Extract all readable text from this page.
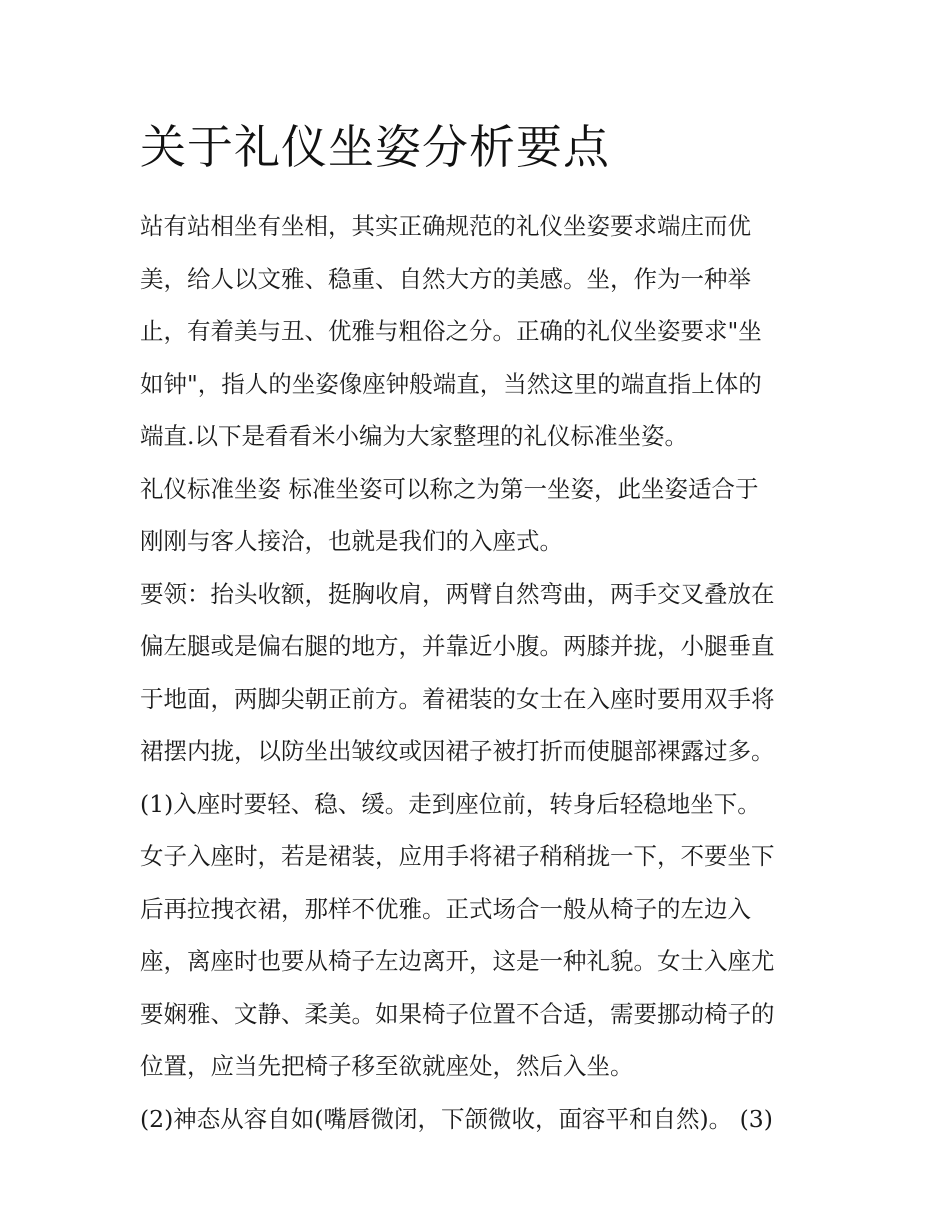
关于礼仪坐姿分析要点
站有站相坐有坐相，其实正确规范的礼仪坐姿要求端庄而优
美，给人以文雅、稳重、自然大方的美感。坐，作为一种举
止，有着美与丑、优雅与粗俗之分。正确的礼仪坐姿要求"坐
如钟"，指人的坐姿像座钟般端直，当然这里的端直指上体的
端直.以下是看看米小编为大家整理的礼仪标准坐姿。
礼仪标准坐姿 标准坐姿可以称之为第一坐姿，此坐姿适合于
刚刚与客人接洽，也就是我们的入座式。
要领：抬头收额，挺胸收肩，两臂自然弯曲，两手交叉叠放在
偏左腿或是偏右腿的地方，并靠近小腹。两膝并拢，小腿垂直
于地面，两脚尖朝正前方。着裙装的女士在入座时要用双手将
裙摆内拢，以防坐出皱纹或因裙子被打折而使腿部裸露过多。
(1)入座时要轻、稳、缓。走到座位前，转身后轻稳地坐下。
女子入座时，若是裙装，应用手将裙子稍稍拢一下，不要坐下
后再拉拽衣裙，那样不优雅。正式场合一般从椅子的左边入
座，离座时也要从椅子左边离开，这是一种礼貌。女士入座尤
要娴雅、文静、柔美。如果椅子位置不合适，需要挪动椅子的
位置，应当先把椅子移至欲就座处，然后入坐。
(2)神态从容自如(嘴唇微闭，下颌微收，面容平和自然)。 (3)
